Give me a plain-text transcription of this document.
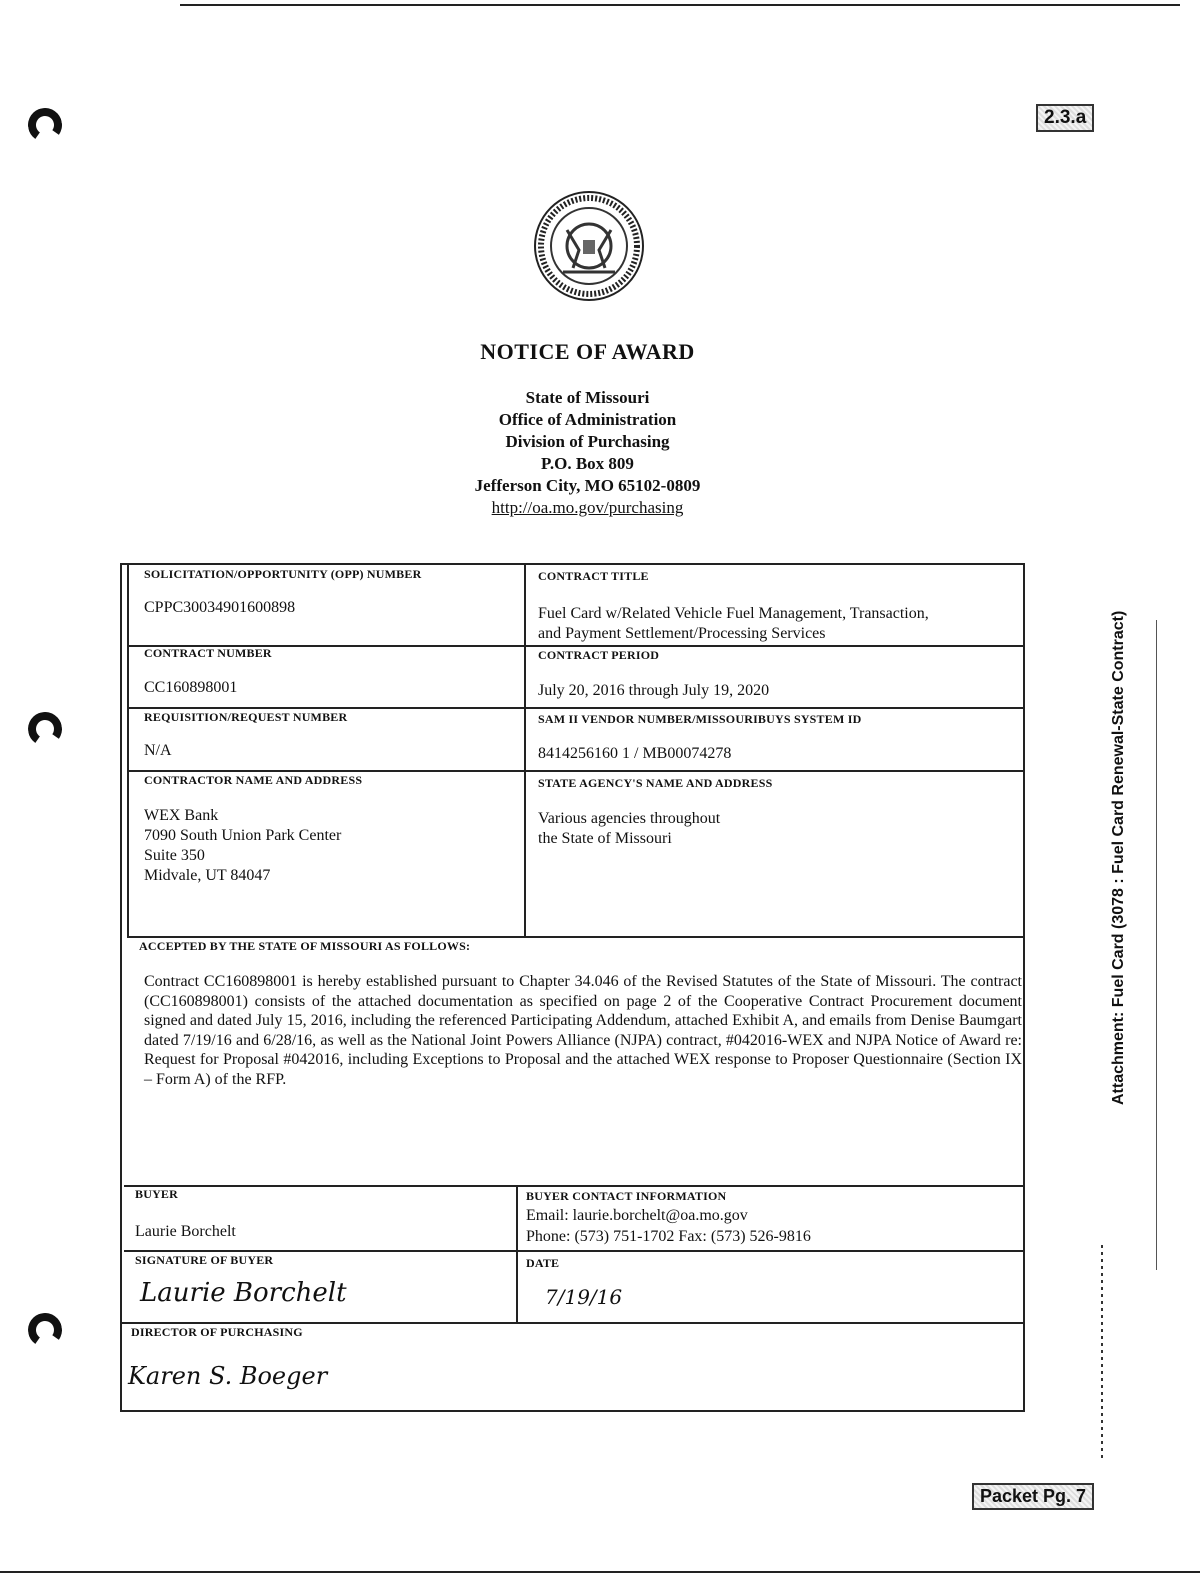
2.3.a
NOTICE OF AWARD
State of Missouri
Office of Administration
Division of Purchasing
P.O. Box 809
Jefferson City, MO 65102-0809
http://oa.mo.gov/purchasing
SOLICITATION/OPPORTUNITY (OPP) NUMBER
CPPC30034901600898
CONTRACT TITLE
Fuel Card w/Related Vehicle Fuel Management, Transaction,
and Payment Settlement/Processing Services
CONTRACT NUMBER
CC160898001
CONTRACT PERIOD
July 20, 2016 through July 19, 2020
REQUISITION/REQUEST NUMBER
N/A
SAM II VENDOR NUMBER/MISSOURIBUYS SYSTEM ID
8414256160 1 / MB00074278
CONTRACTOR NAME AND ADDRESS
WEX Bank
7090 South Union Park Center
Suite 350
Midvale, UT 84047
STATE AGENCY'S NAME AND ADDRESS
Various agencies throughout
the State of Missouri
ACCEPTED BY THE STATE OF MISSOURI AS FOLLOWS:
Contract CC160898001 is hereby established pursuant to Chapter 34.046 of the Revised Statutes of the State of Missouri. The contract (CC160898001) consists of the attached documentation as specified on page 2 of the Cooperative Contract Procurement document signed and dated July 15, 2016, including the referenced Participating Addendum, attached Exhibit A, and emails from Denise Baumgart dated 7/19/16 and 6/28/16, as well as the National Joint Powers Alliance (NJPA) contract, #042016-WEX and NJPA Notice of Award re: Request for Proposal #042016, including Exceptions to Proposal and the attached WEX response to Proposer Questionnaire (Section IX – Form A) of the RFP.
BUYER
Laurie Borchelt
BUYER CONTACT INFORMATION
Email: laurie.borchelt@oa.mo.gov
Phone: (573) 751-1702 Fax: (573) 526-9816
SIGNATURE OF BUYER
Laurie Borchelt
DATE
7/19/16
DIRECTOR OF PURCHASING
Karen S. Boeger
Attachment: Fuel Card (3078 : Fuel Card Renewal-State Contract)
Packet Pg. 7
